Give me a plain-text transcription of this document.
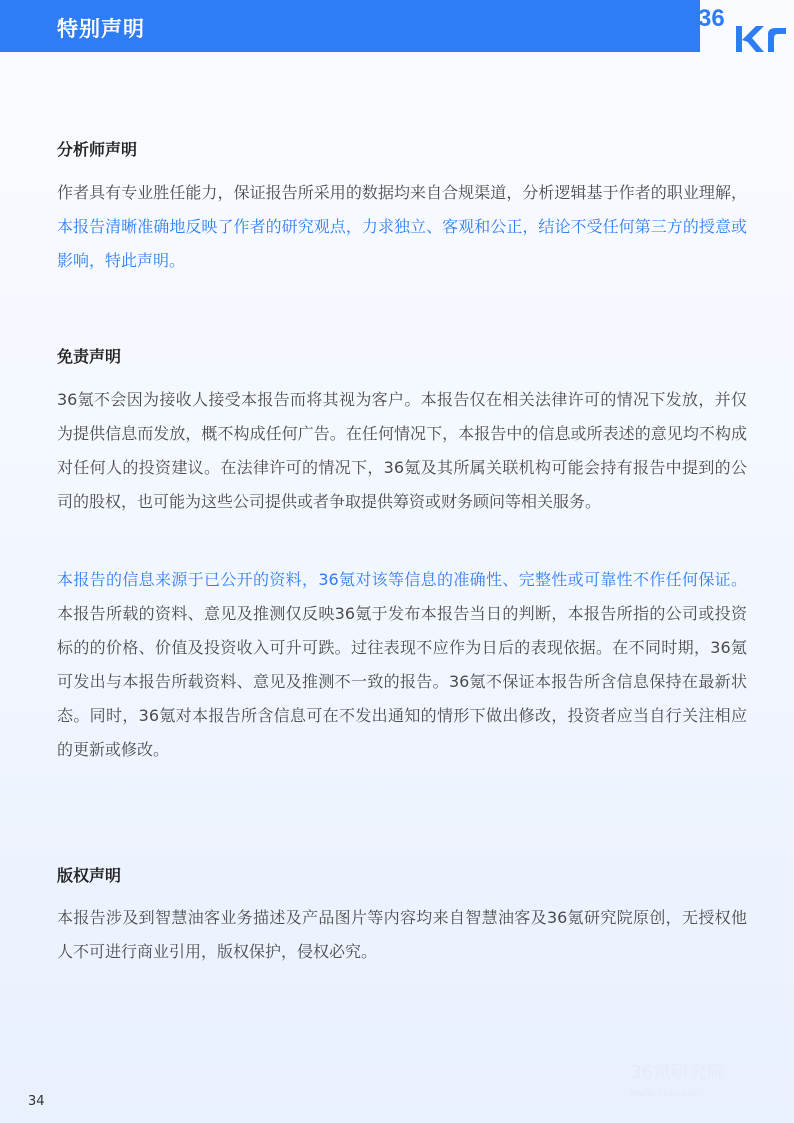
特别声明	36
分析师声明

作者具有专业胜任能力，保证报告所采用的数据均来自合规渠道，分析逻辑基于作者的职业理解，本报告清晰准确地反映了作者的研究观点，力求独立、客观和公正，结论不受任何第三方的授意或影响，特此声明。

免责声明

36氪不会因为接收人接受本报告而将其视为客户。本报告仅在相关法律许可的情况下发放，并仅为提供信息而发放，概不构成任何广告。在任何情况下，本报告中的信息或所表述的意见均不构成对任何人的投资建议。在法律许可的情况下，36氪及其所属关联机构可能会持有报告中提到的公司的股权，也可能为这些公司提供或者争取提供筹资或财务顾问等相关服务。

本报告的信息来源于已公开的资料，36氪对该等信息的准确性、完整性或可靠性不作任何保证。本报告所载的资料、意见及推测仅反映36氪于发布本报告当日的判断，本报告所指的公司或投资标的的价格、价值及投资收入可升可跌。过往表现不应作为日后的表现依据。在不同时期，36氪可发出与本报告所载资料、意见及推测不一致的报告。36氪不保证本报告所含信息保持在最新状态。同时，36氪对本报告所含信息可在不发出通知的情形下做出修改，投资者应当自行关注相应的更新或修改。

版权声明

本报告涉及到智慧油客业务描述及产品图片等内容均来自智慧油客及36氪研究院原创，无授权他人不可进行商业引用，版权保护，侵权必究。

36氪研究院
www.36kr.com
34
